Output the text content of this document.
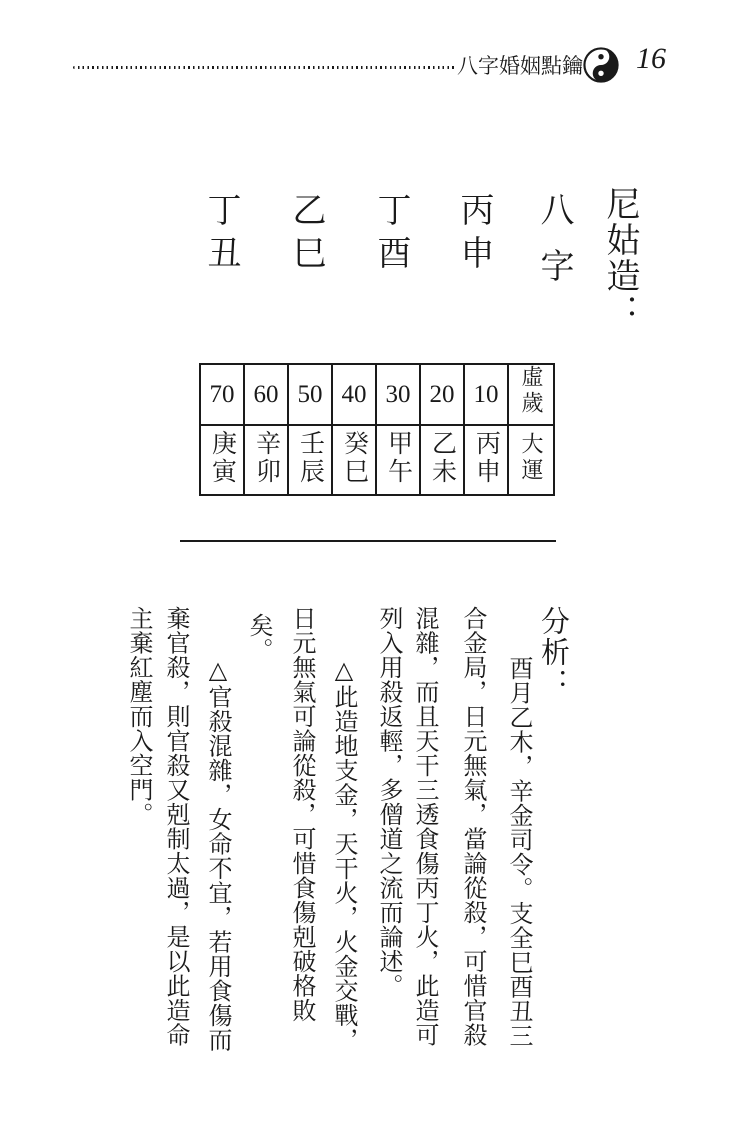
八字婚姻點鑰 16
尼姑造：
八字
丙申
丁酉
乙巳
丁丑
70	60	50	40	30	20	10	虛歲
庚寅	辛卯	壬辰	癸巳	甲午	乙未	丙申	大運
分析：
酉月乙木，辛金司令。支全巳酉丑三
合金局，日元無氣，當論從殺，可惜官殺
混雜，而且天干三透食傷丙丁火，此造可
列入用殺返輕，多僧道之流而論述。
△此造地支金，天干火，火金交戰，
日元無氣可論從殺，可惜食傷剋破格敗
矣。
△官殺混雜，女命不宜，若用食傷而
棄官殺，則官殺又剋制太過，是以此造命
主棄紅塵而入空門。
